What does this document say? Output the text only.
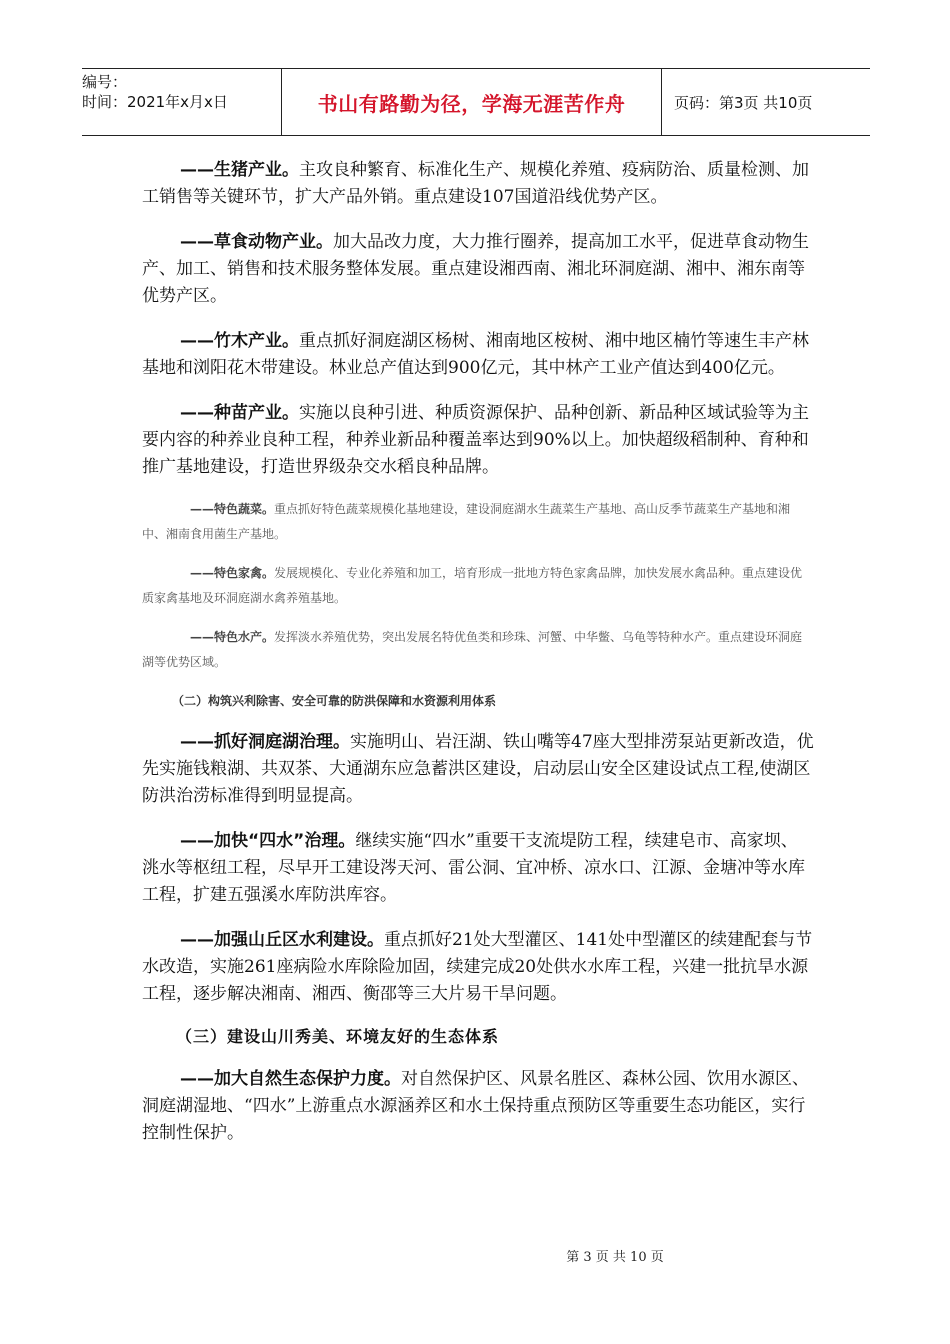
编号：
时间：2021年x月x日	书山有路勤为径，学海无涯苦作舟	页码：第3页 共10页

——生猪产业。主攻良种繁育、标准化生产、规模化养殖、疫病防治、质量检测、加工销售等关键环节，扩大产品外销。重点建设107国道沿线优势产区。

——草食动物产业。加大品改力度，大力推行圈养，提高加工水平，促进草食动物生产、加工、销售和技术服务整体发展。重点建设湘西南、湘北环洞庭湖、湘中、湘东南等优势产区。

——竹木产业。重点抓好洞庭湖区杨树、湘南地区桉树、湘中地区楠竹等速生丰产林基地和浏阳花木带建设。林业总产值达到900亿元，其中林产工业产值达到400亿元。

——种苗产业。实施以良种引进、种质资源保护、品种创新、新品种区域试验等为主要内容的种养业良种工程，种养业新品种覆盖率达到90%以上。加快超级稻制种、育种和推广基地建设，打造世界级杂交水稻良种品牌。

——特色蔬菜。重点抓好特色蔬菜规模化基地建设，建设洞庭湖水生蔬菜生产基地、高山反季节蔬菜生产基地和湘中、湘南食用菌生产基地。

——特色家禽。发展规模化、专业化养殖和加工，培育形成一批地方特色家禽品牌，加快发展水禽品种。重点建设优质家禽基地及环洞庭湖水禽养殖基地。

——特色水产。发挥淡水养殖优势，突出发展名特优鱼类和珍珠、河蟹、中华鳖、乌龟等特种水产。重点建设环洞庭湖等优势区域。

（二）构筑兴利除害、安全可靠的防洪保障和水资源利用体系

——抓好洞庭湖治理。实施明山、岩汪湖、铁山嘴等47座大型排涝泵站更新改造，优先实施钱粮湖、共双茶、大通湖东应急蓄洪区建设，启动层山安全区建设试点工程,使湖区防洪治涝标准得到明显提高。

——加快“四水”治理。继续实施“四水”重要干支流堤防工程，续建皂市、高家坝、洮水等枢纽工程，尽早开工建设涔天河、雷公洞、宜冲桥、凉水口、江源、金塘冲等水库工程，扩建五强溪水库防洪库容。

——加强山丘区水利建设。重点抓好21处大型灌区、141处中型灌区的续建配套与节水改造，实施261座病险水库除险加固，续建完成20处供水水库工程，兴建一批抗旱水源工程，逐步解决湘南、湘西、衡邵等三大片易干旱问题。

（三）建设山川秀美、环境友好的生态体系

——加大自然生态保护力度。对自然保护区、风景名胜区、森林公园、饮用水源区、洞庭湖湿地、“四水”上游重点水源涵养区和水土保持重点预防区等重要生态功能区，实行控制性保护。

第 3 页 共 10 页
